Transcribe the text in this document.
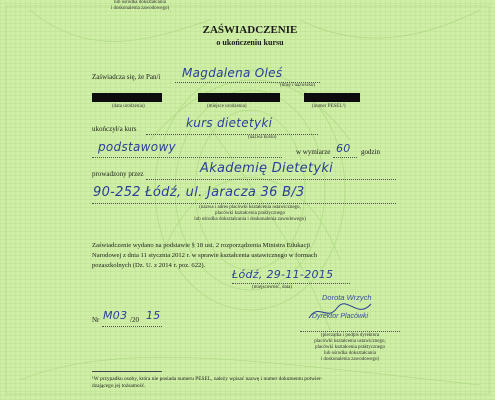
lub ośrodka dokształcania
i doskonalenia zawodowego)
ZAŚWIADCZENIE
o ukończeniu kursu
Zaświadcza się, że Pan/i Magdalena Oleś
(imię i nazwisko)
(data urodzenia)	(miejsce urodzenia)	(numer PESEL¹)
ukończył/a kurs	kurs dietetyki
(nazwa kursu)
podstawowy	w wymiarze 60 godzin
prowadzony przez	Akademię Dietetyki
90-252 Łódź, ul. Jaracza 36 B/3
(nazwa i adres placówki kształcenia ustawicznego,
placówki kształcenia praktycznego
lub ośrodka dokształcania i doskonalenia zawodowego)
Zaświadczenie wydano na podstawie § 18 ust. 2 rozporządzenia Ministra Edukacji
Narodowej z dnia 11 stycznia 2012 r. w sprawie kształcenia ustawicznego w formach
pozaszkolnych (Dz. U. z 2014 r. poz. 622).
Łódź, 29-11-2015
(miejscowość, data)
Nr M03 /20 15
Dorota Wrzych
Dyrektor Placówki
(pieczątka i podpis dyrektora
placówki kształcenia ustawicznego,
placówki kształcenia praktycznego
lub ośrodka dokształcania
i doskonalenia zawodowego)
¹W przypadku osoby, która nie posiada numeru PESEL, należy wpisać nazwę i numer dokumentu potwier-
dzającego jej tożsamość.
